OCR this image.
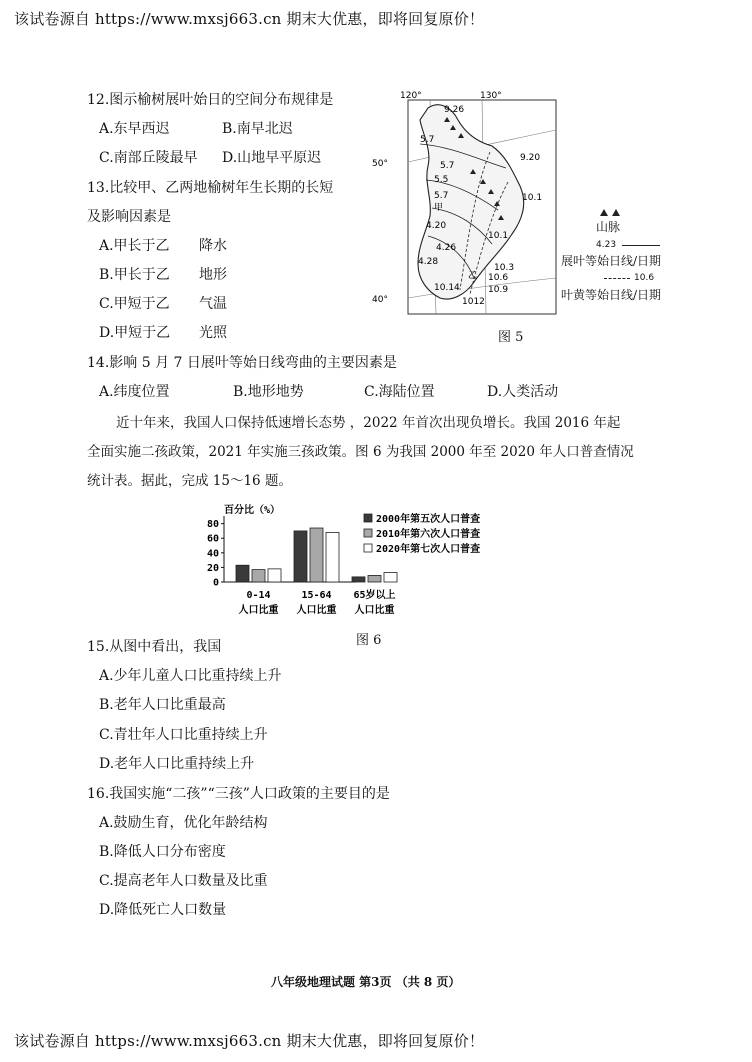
该试卷源自 https://www.mxsj663.cn 期末大优惠，即将回复原价！
12.图示榆树展叶始日的空间分布规律是
A.东早西迟	B.南早北迟
C.南部丘陵最早 D.山地早平原迟
13.比较甲、乙两地榆树年生长期的长短
及影响因素是
A.甲长于乙 降水
B.甲长于乙 地形
C.甲短于乙 气温
D.甲短于乙 光照
120°	130°
50°
40°
9.26
5.7
5.7
9.20
5.5
10.1
5.7
4.20
10.1
4.26
10.3
4.28
10.6
10.9
10.14
1012
甲
乙
图 5
山脉
4.23
展叶等始日线/日期
10.6
叶黄等始日线/日期
14.影响 5 月 7 日展叶等始日线弯曲的主要因素是
A.纬度位置	B.地形地势	C.海陆位置	D.人类活动
近十年来，我国人口保持低速增长态势 ，2022 年首次出现负增长。我国 2016 年起
全面实施二孩政策，2021 年实施三孩政策。图 6 为我国 2000 年至 2020 年人口普查情况
统计表。据此，完成 15～16 题。
百分比（%）
0
20
40
60
80
0-14
人口比重
15-64
人口比重
65岁以上
人口比重
2000年第五次人口普查
2010年第六次人口普查
2020年第七次人口普查
图 6
15.从图中看出，我国
A.少年儿童人口比重持续上升
B.老年人口比重最高
C.青壮年人口比重持续上升
D.老年人口比重持续上升
16.我国实施“二孩”“三孩”人口政策的主要目的是
A.鼓励生育，优化年龄结构
B.降低人口分布密度
C.提高老年人口数量及比重
D.降低死亡人口数量
八年级地理试题 第3页 （共 8 页）
该试卷源自 https://www.mxsj663.cn 期末大优惠，即将回复原价！
